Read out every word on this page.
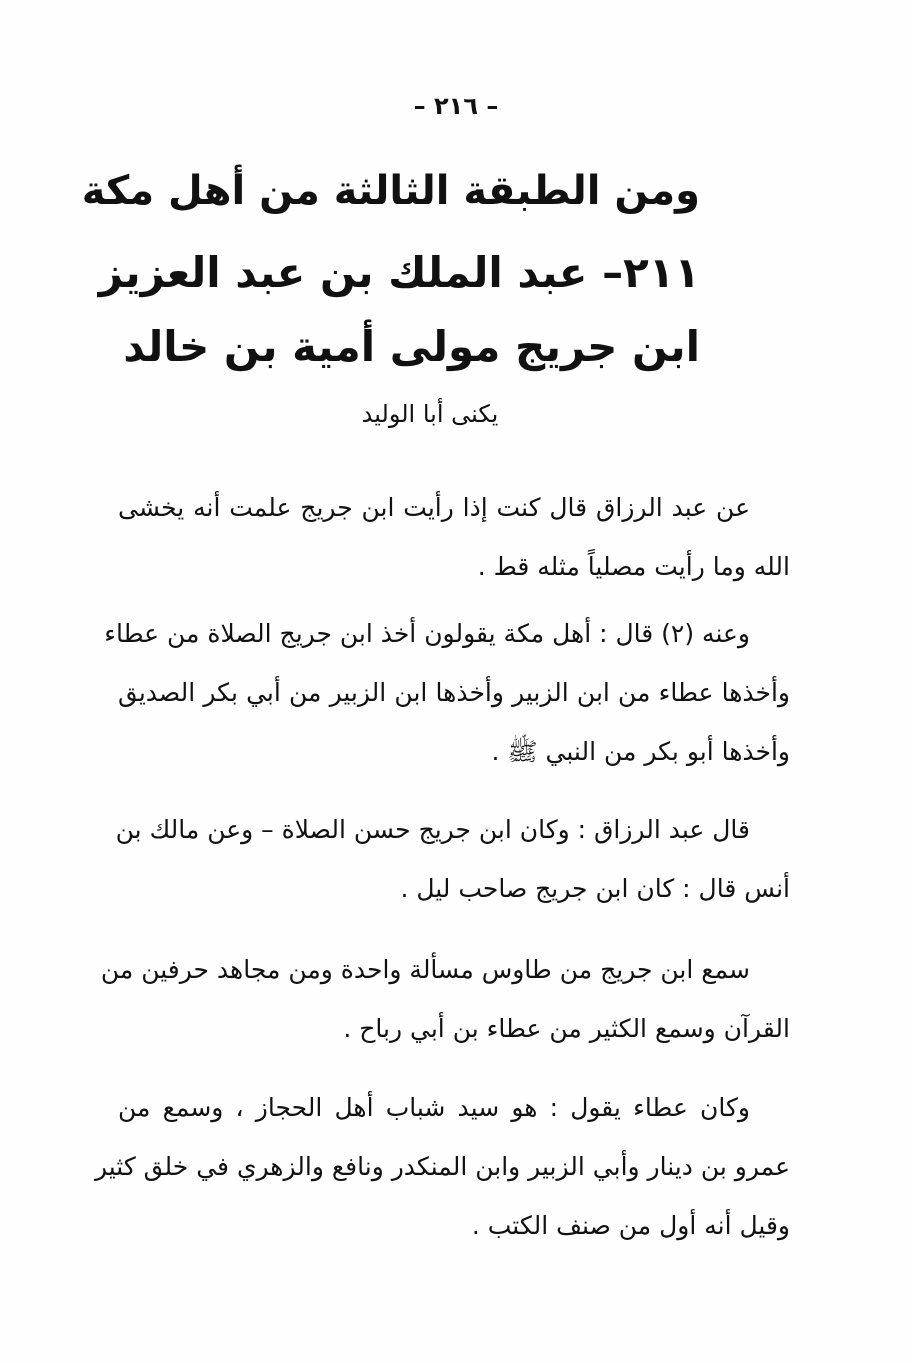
– ٢١٦ –
ومن الطبقة الثالثة من أهل مكة
٢١١– عبد الملك بن عبد العزيز
ابن جريج مولى أمية بن خالد
يكنى أبا الوليد
عن عبد الرزاق قال كنت إذا رأيت ابن جريج علمت أنه يخشى
الله وما رأيت مصلياً مثله قط .
وعنه (٢) قال : أهل مكة يقولون أخذ ابن جريج الصلاة من عطاء
وأخذها عطاء من ابن الزبير وأخذها ابن الزبير من أبي بكر الصديق
وأخذها أبو بكر من النبي ﷺ .
قال عبد الرزاق : وكان ابن جريج حسن الصلاة – وعن مالك بن
أنس قال : كان ابن جريج صاحب ليل .
سمع ابن جريج من طاوس مسألة واحدة ومن مجاهد حرفين من
القرآن وسمع الكثير من عطاء بن أبي رباح .
وكان عطاء يقول : هو سيد شباب أهل الحجاز ، وسمع من
عمرو بن دينار وأبي الزبير وابن المنكدر ونافع والزهري في خلق كثير
وقيل أنه أول من صنف الكتب .
